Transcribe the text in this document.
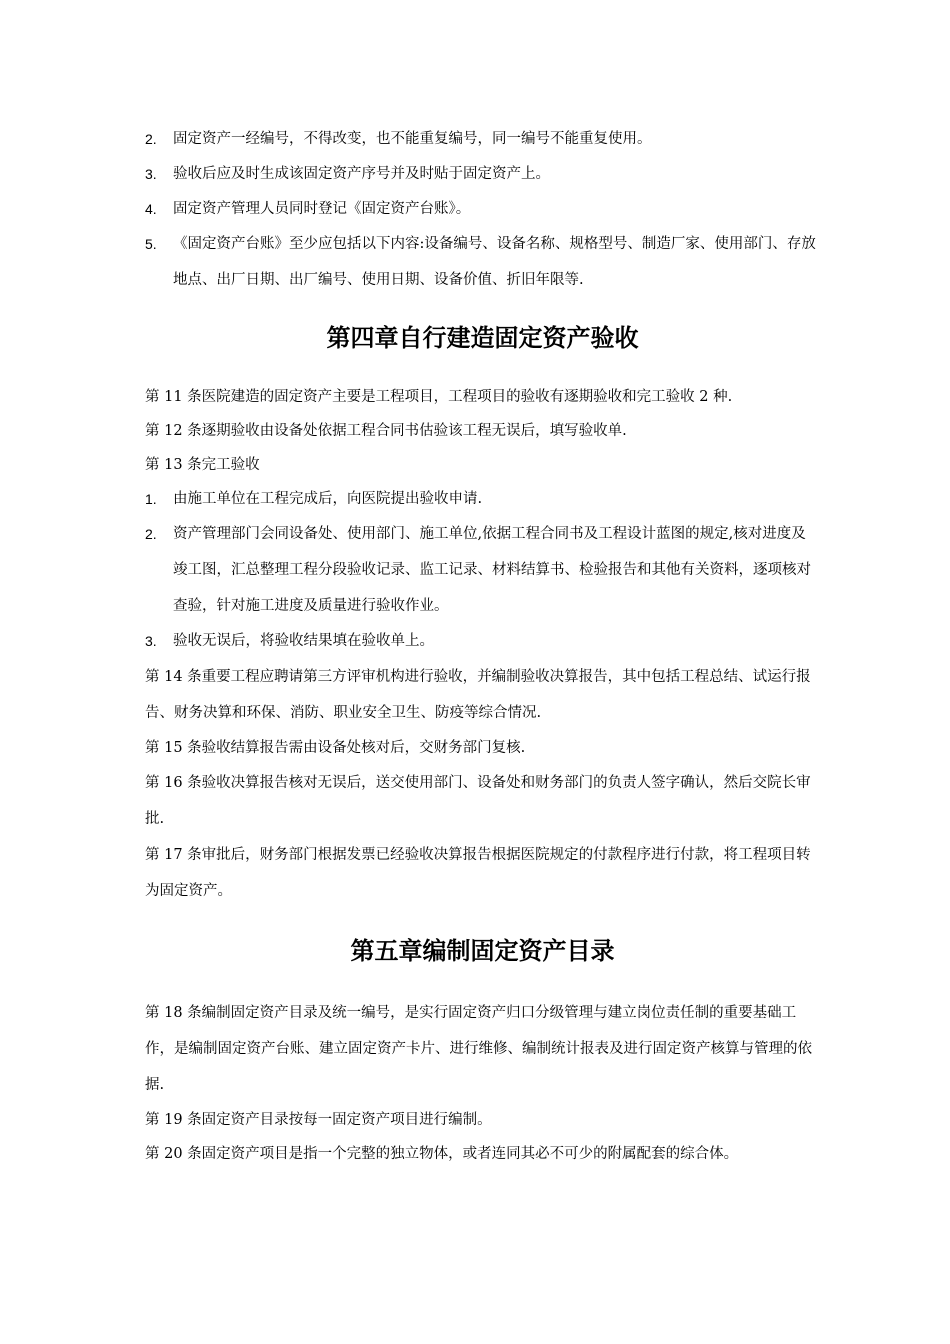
2.	固定资产一经编号，不得改变，也不能重复编号，同一编号不能重复使用。
3.	验收后应及时生成该固定资产序号并及时贴于固定资产上。
4.	固定资产管理人员同时登记《固定资产台账》。
5.	《固定资产台账》至少应包括以下内容:设备编号、设备名称、规格型号、制造厂家、使用部门、存放地点、出厂日期、出厂编号、使用日期、设备价值、折旧年限等.
第四章自行建造固定资产验收
第 11 条医院建造的固定资产主要是工程项目，工程项目的验收有逐期验收和完工验收 2 种.
第 12 条逐期验收由设备处依据工程合同书估验该工程无误后，填写验收单.
第 13 条完工验收
1.	由施工单位在工程完成后，向医院提出验收申请.
2.	资产管理部门会同设备处、使用部门、施工单位,依据工程合同书及工程设计蓝图的规定,核对进度及竣工图，汇总整理工程分段验收记录、监工记录、材料结算书、检验报告和其他有关资料，逐项核对查验，针对施工进度及质量进行验收作业。
3.	验收无误后，将验收结果填在验收单上。
第 14 条重要工程应聘请第三方评审机构进行验收，并编制验收决算报告，其中包括工程总结、试运行报告、财务决算和环保、消防、职业安全卫生、防疫等综合情况.
第 15 条验收结算报告需由设备处核对后，交财务部门复核.
第 16 条验收决算报告核对无误后，送交使用部门、设备处和财务部门的负责人签字确认，然后交院长审批.
第 17 条审批后，财务部门根据发票已经验收决算报告根据医院规定的付款程序进行付款，将工程项目转为固定资产。
第五章编制固定资产目录
第 18 条编制固定资产目录及统一编号，是实行固定资产归口分级管理与建立岗位责任制的重要基础工作，是编制固定资产台账、建立固定资产卡片、进行维修、编制统计报表及进行固定资产核算与管理的依据.
第 19 条固定资产目录按每一固定资产项目进行编制。
第 20 条固定资产项目是指一个完整的独立物体，或者连同其必不可少的附属配套的综合体。
